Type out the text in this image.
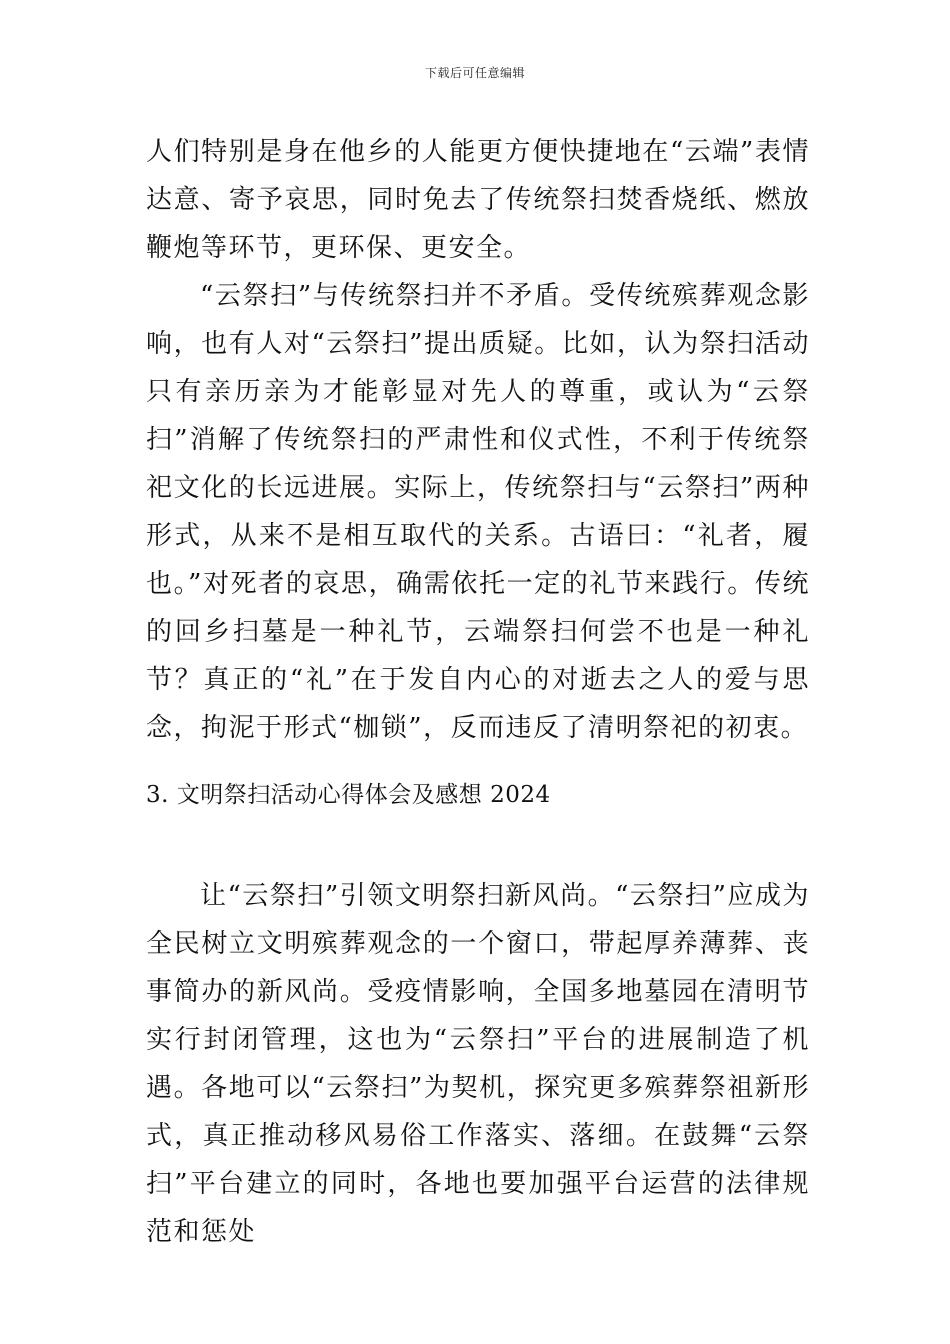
下载后可任意编辑

人们特别是身在他乡的人能更方便快捷地在“云端”表情达意、寄予哀思，同时免去了传统祭扫焚香烧纸、燃放鞭炮等环节，更环保、更安全。

“云祭扫”与传统祭扫并不矛盾。受传统殡葬观念影响，也有人对“云祭扫”提出质疑。比如，认为祭扫活动只有亲历亲为才能彰显对先人的尊重，或认为“云祭扫”消解了传统祭扫的严肃性和仪式性，不利于传统祭祀文化的长远进展。实际上，传统祭扫与“云祭扫”两种形式，从来不是相互取代的关系。古语曰：“礼者，履也。”对死者的哀思，确需依托一定的礼节来践行。传统的回乡扫墓是一种礼节，云端祭扫何尝不也是一种礼节？真正的“礼”在于发自内心的对逝去之人的爱与思念，拘泥于形式“枷锁”，反而违反了清明祭祀的初衷。

3. 文明祭扫活动心得体会及感想 2024

让“云祭扫”引领文明祭扫新风尚。“云祭扫”应成为全民树立文明殡葬观念的一个窗口，带起厚养薄葬、丧事简办的新风尚。受疫情影响，全国多地墓园在清明节实行封闭管理，这也为“云祭扫”平台的进展制造了机遇。各地可以“云祭扫”为契机，探究更多殡葬祭祖新形式，真正推动移风易俗工作落实、落细。在鼓舞“云祭扫”平台建立的同时，各地也要加强平台运营的法律规范和惩处
